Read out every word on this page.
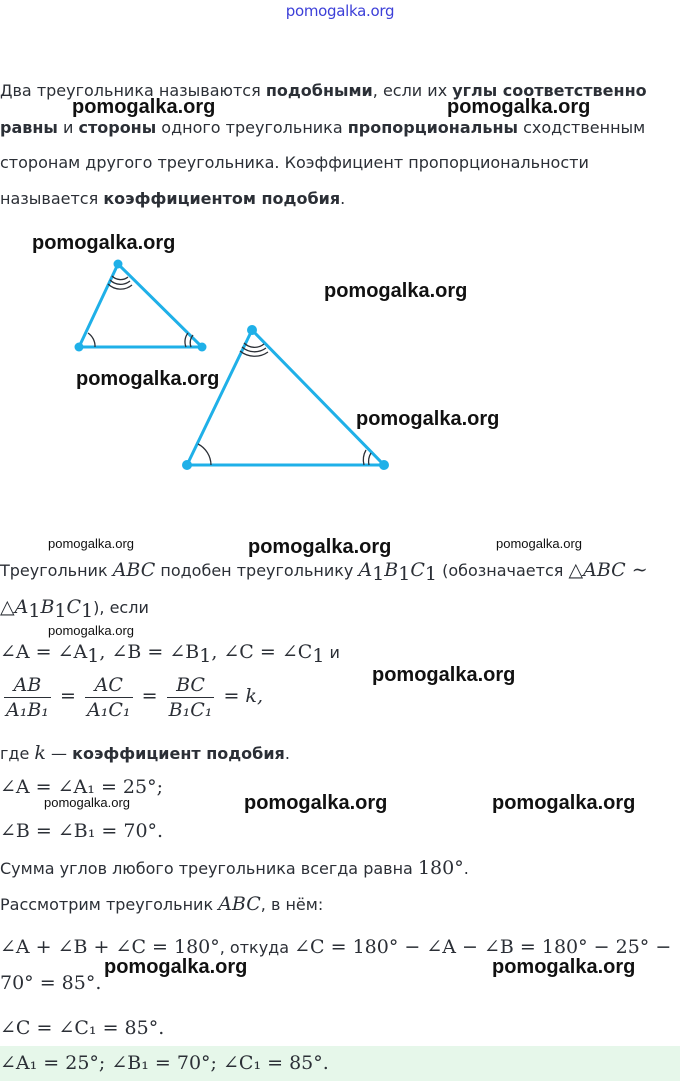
pomogalka.org
Два треугольника называются подобными, если их углы соответственно
равны и стороны одного треугольника пропорциональны сходственным
сторонам другого треугольника. Коэффициент пропорциональности
называется коэффициентом подобия.
Треугольник ABC подобен треугольнику $A_1B_1C_1$ (обозначается △ABC ∼
$\triangle A_1B_1C_1$), если
∠A = $\angle A_1$, ∠B = $\angle B_1$, ∠C = $\angle C_1$ и
$\frac{AB}{\text{A₁B₁}} = \frac{AC}{\text{A₁C₁}} = \frac{BC}{\text{B₁C₁}} = k$,
где k — коэффициент подобия.
∠A = ∠A₁ = 25°;
∠B = ∠B₁ = 70°.
Сумма углов любого треугольника всегда равна 180°.
Рассмотрим треугольник ABC, в нём:
∠A + ∠B + ∠C = 180°, откуда ∠C = 180° − ∠A − ∠B = 180° − 25° −
70° = 85°.
∠C = ∠C₁ = 85°.
∠A₁ = 25°; ∠B₁ = 70°; ∠C₁ = 85°.
pomogalka.org	pomogalka.org
pomogalka.org
pomogalka.org
pomogalka.org
pomogalka.org
pomogalka.org	pomogalka.org	pomogalka.org
pomogalka.org
pomogalka.org
pomogalka.org	pomogalka.org	pomogalka.org
pomogalka.org	pomogalka.org
